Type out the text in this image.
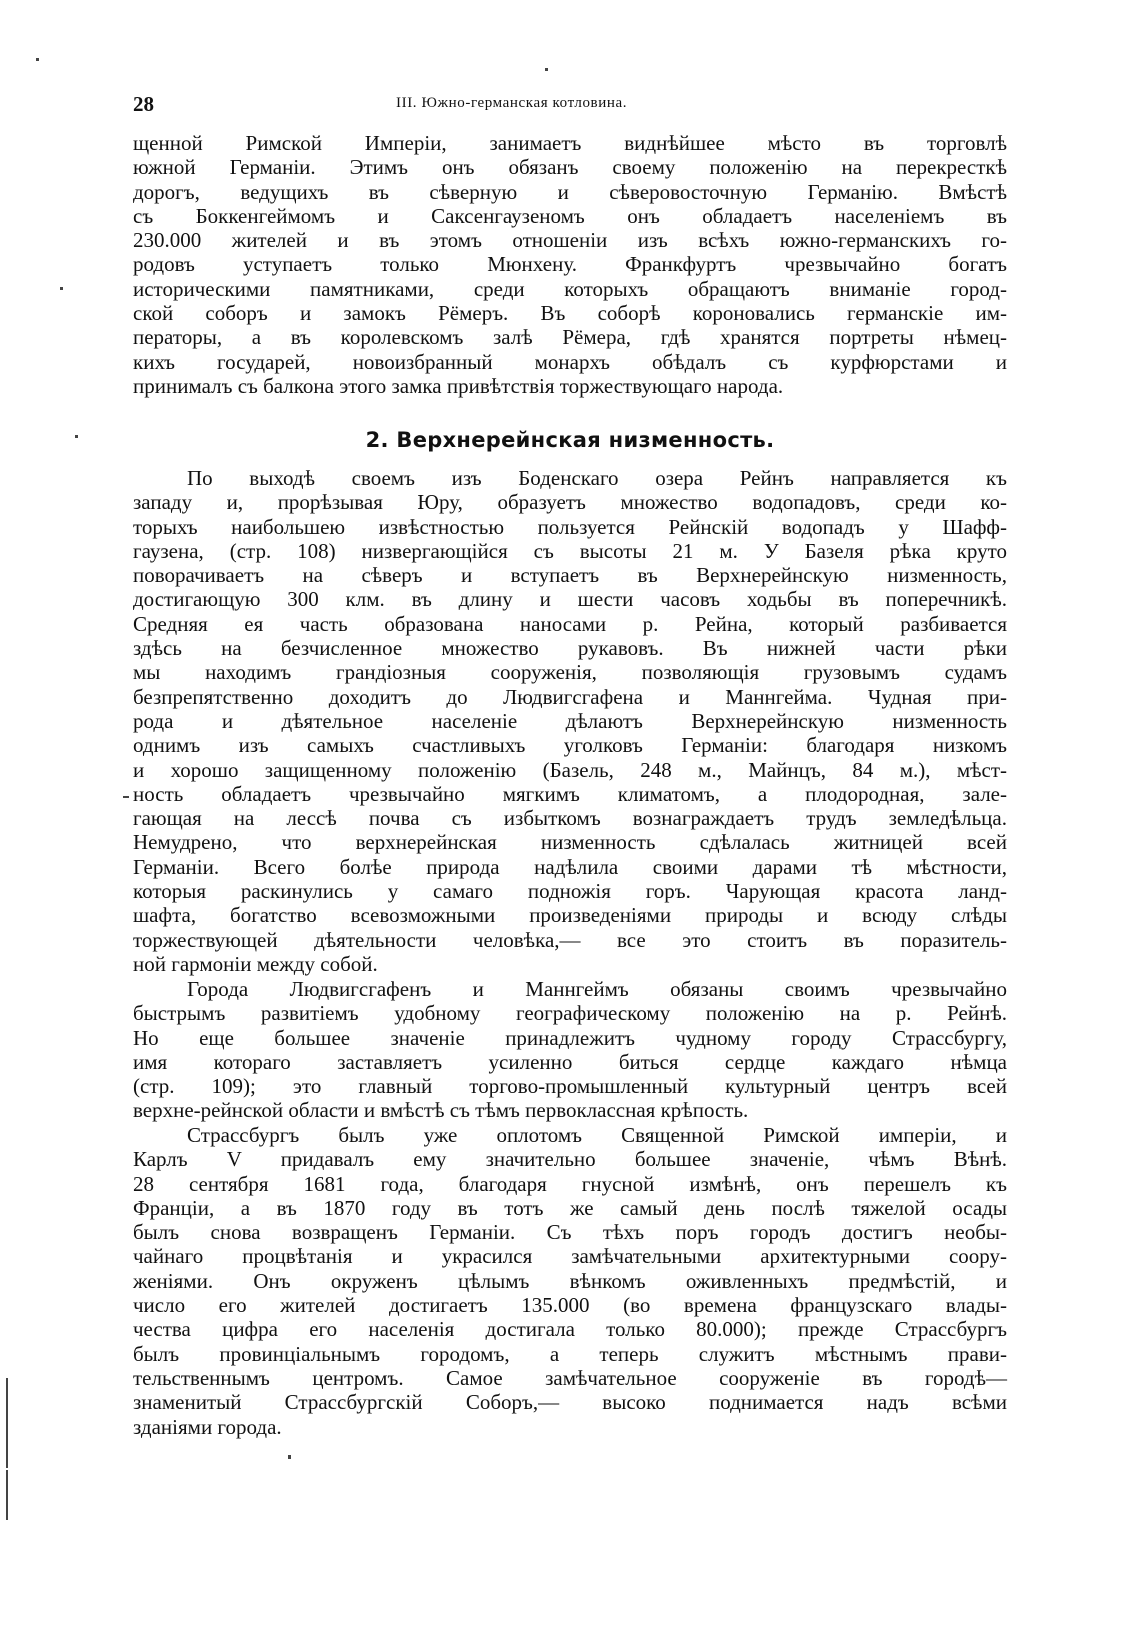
28	III. Южно-германская котловина.
щенной Римской Имперіи, занимаетъ виднѣйшее мѣсто въ торговлѣ
южной Германіи. Этимъ онъ обязанъ своему положенію на перекресткѣ
дорогъ, ведущихъ въ сѣверную и сѣверовосточную Германію. Вмѣстѣ
съ Боккенгеймомъ и Саксенгаузеномъ онъ обладаетъ населеніемъ въ
230.000 жителей и въ этомъ отношеніи изъ всѣхъ южно-германскихъ го-
родовъ уступаетъ только Мюнхену. Франкфуртъ чрезвычайно богатъ
историческими памятниками, среди которыхъ обращаютъ вниманіе город-
ской соборъ и замокъ Рёмеръ. Въ соборѣ короновались германскіе им-
ператоры, а въ королевскомъ залѣ Рёмера, гдѣ хранятся портреты нѣмец-
кихъ государей, новоизбранный монархъ обѣдалъ съ курфюрстами и
принималъ съ балкона этого замка привѣтствія торжествующаго народа.
2. Верхнерейнская низменность.
По выходѣ своемъ изъ Боденскаго озера Рейнъ направляется къ
западу и, прорѣзывая Юру, образуетъ множество водопадовъ, среди ко-
торыхъ наибольшею извѣстностью пользуется Рейнскій водопадъ у Шафф-
гаузена, (стр. 108) низвергающійся съ высоты 21 м. У Базеля рѣка круто
поворачиваетъ на сѣверъ и вступаетъ въ Верхнерейнскую низменность,
достигающую 300 клм. въ длину и шести часовъ ходьбы въ поперечникѣ.
Средняя ея часть образована наносами р. Рейна, который разбивается
здѣсь на безчисленное множество рукавовъ. Въ нижней части рѣки
мы находимъ грандіозныя сооруженія, позволяющія грузовымъ судамъ
безпрепятственно доходитъ до Людвигсгафена и Маннгейма. Чудная при-
рода и дѣятельное населеніе дѣлаютъ Верхнерейнскую низменность
однимъ изъ самыхъ счастливыхъ уголковъ Германіи: благодаря низкомъ
и хорошо защищенному положенію (Базель, 248 м., Майнцъ, 84 м.), мѣст-
ность обладаетъ чрезвычайно мягкимъ климатомъ, а плодородная, зале-
гающая на лессѣ почва съ избыткомъ вознаграждаетъ трудъ земледѣльца.
Немудрено, что верхнерейнская низменность сдѣлалась житницей всей
Германіи. Всего болѣе природа надѣлила своими дарами тѣ мѣстности,
которыя раскинулись у самаго подножія горъ. Чарующая красота ланд-
шафта, богатство всевозможными произведеніями природы и всюду слѣды
торжествующей дѣятельности человѣка,— все это стоитъ въ поразитель-
ной гармоніи между собой.
Города Людвигсгафенъ и Маннгеймъ обязаны своимъ чрезвычайно
быстрымъ развитіемъ удобному географическому положенію на р. Рейнѣ.
Но еще большее значеніе принадлежитъ чудному городу Страссбургу,
имя котораго заставляетъ усиленно биться сердце каждаго нѣмца
(стр. 109); это главный торгово-промышленный культурный центръ всей
верхне-рейнской области и вмѣстѣ съ тѣмъ первоклассная крѣпость.
Страссбургъ былъ уже оплотомъ Священной Римской имперіи, и
Карлъ V придавалъ ему значительно большее значеніе, чѣмъ Вѣнѣ.
28 сентября 1681 года, благодаря гнусной измѣнѣ, онъ перешелъ къ
Франціи, а въ 1870 году въ тотъ же самый день послѣ тяжелой осады
былъ снова возвращенъ Германіи. Съ тѣхъ поръ городъ достигъ необы-
чайнаго процвѣтанія и украсился замѣчательными архитектурными соору-
женіями. Онъ окруженъ цѣлымъ вѣнкомъ оживленныхъ предмѣстій, и
число его жителей достигаетъ 135.000 (во времена французскаго влады-
чества цифра его населенія достигала только 80.000); прежде Страссбургъ
былъ провинціальнымъ городомъ, а теперь служитъ мѣстнымъ прави-
тельственнымъ центромъ. Самое замѣчательное сооруженіе въ городѣ—
знаменитый Страссбургскій Соборъ,— высоко поднимается надъ всѣми
зданіями города.
